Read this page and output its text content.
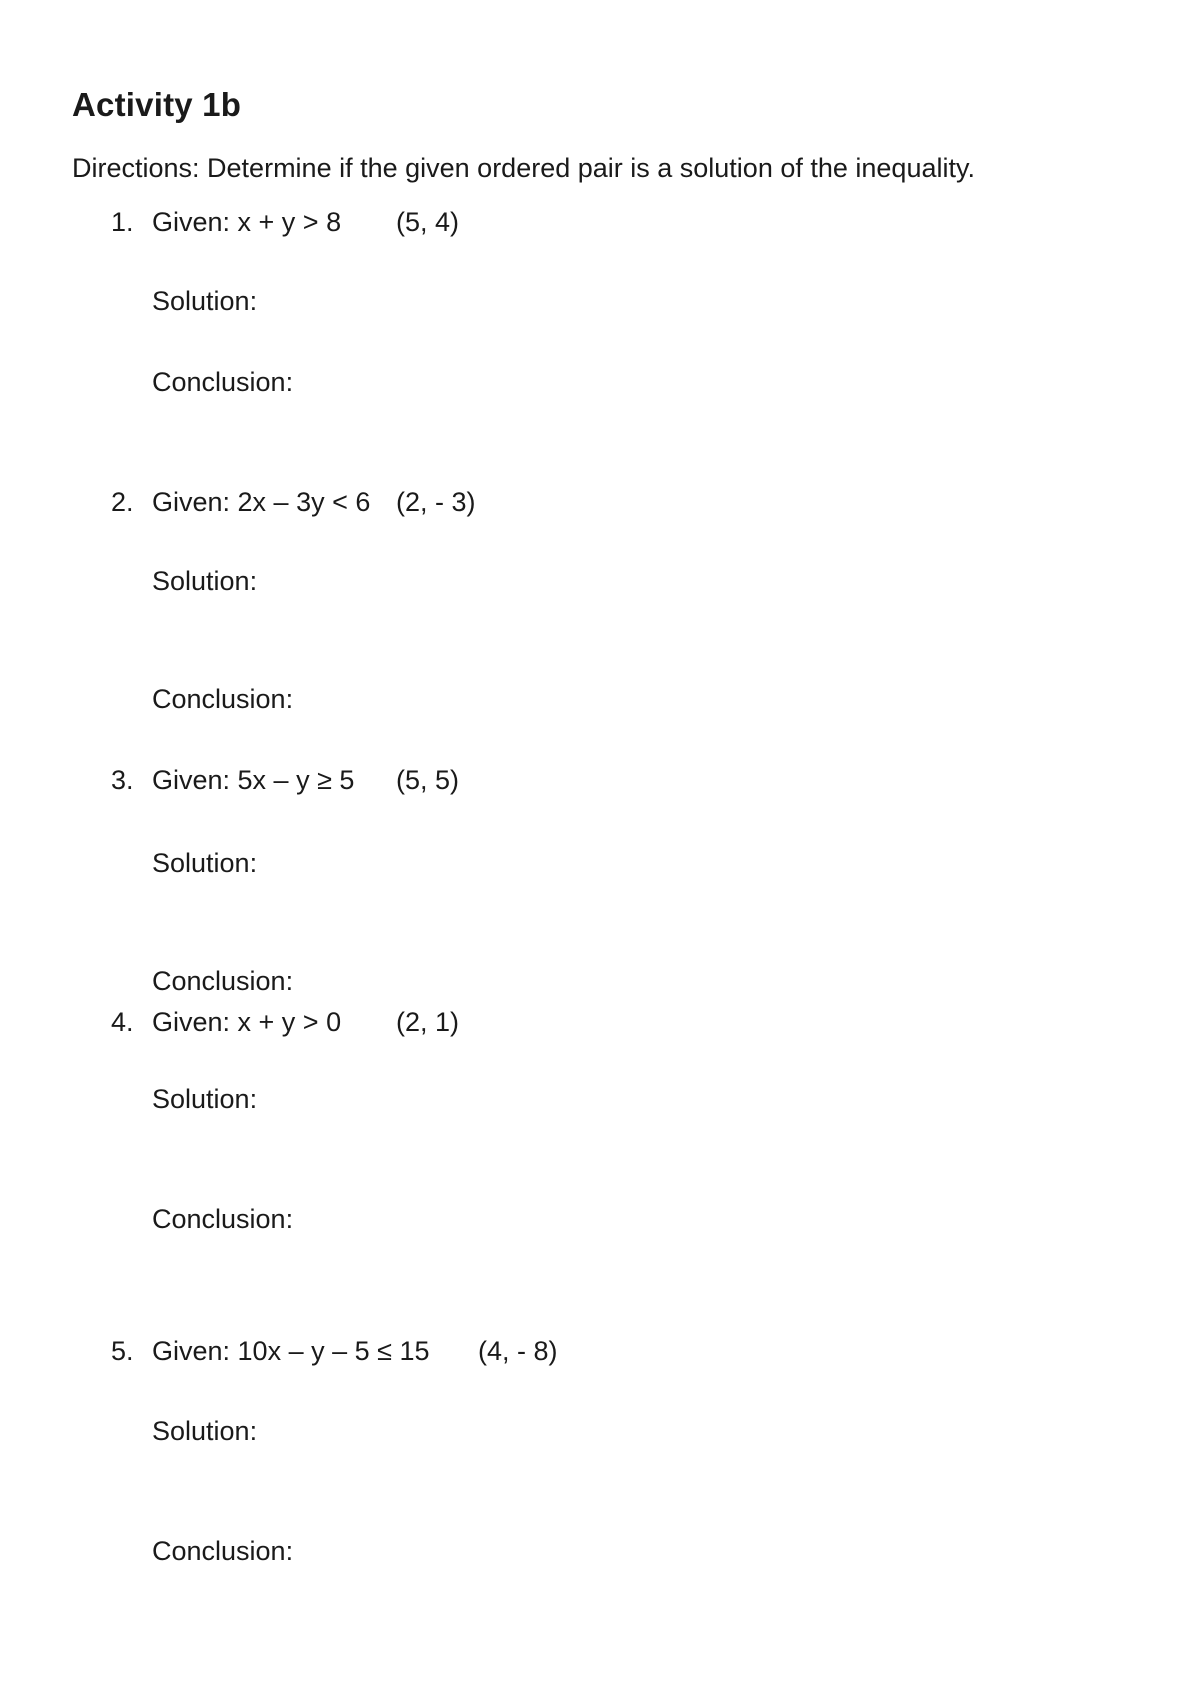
Activity 1b
Directions: Determine if the given ordered pair is a solution of the inequality.
1. Given: x + y > 8 (5, 4)
Solution:
Conclusion:
2. Given: 2x – 3y < 6 (2, - 3)
Solution:
Conclusion:
3. Given: 5x – y ≥ 5 (5, 5)
Solution:
Conclusion:
4. Given: x + y > 0 (2, 1)
Solution:
Conclusion:
5. Given: 10x – y – 5 ≤ 15 (4, - 8)
Solution:
Conclusion:
